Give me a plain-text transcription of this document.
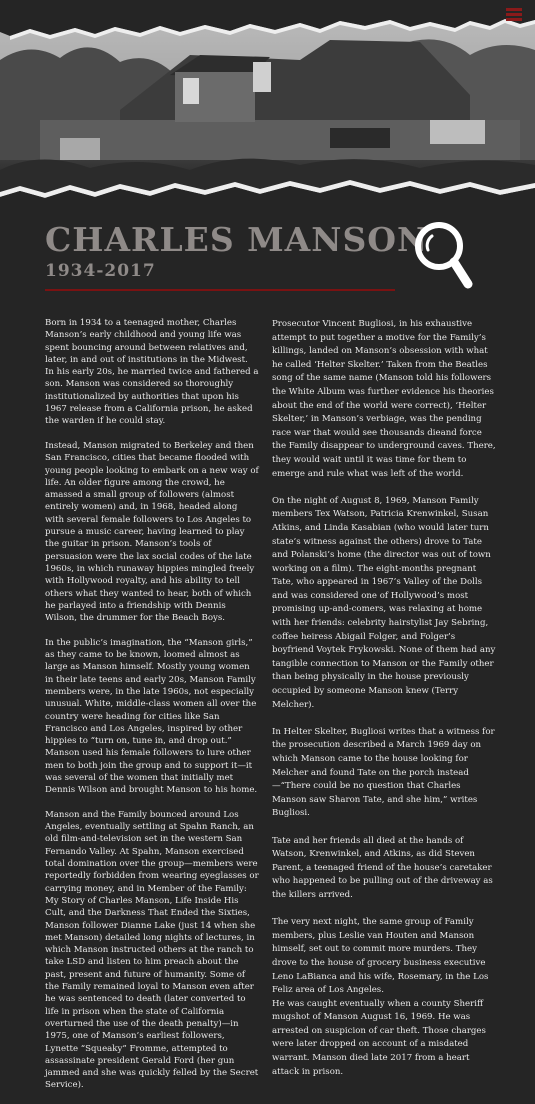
CHARLES MANSON
1934-2017

Born in 1934 to a teenaged mother, Charles Manson’s early childhood and young life was spent bouncing around between relatives and, later, in and out of institutions in the Midwest. In his early 20s, he married twice and fathered a son. Manson was considered so thoroughly institutionalized by authorities that upon his 1967 release from a California prison, he asked the warden if he could stay.

Instead, Manson migrated to Berkeley and then San Francisco, cities that became flooded with young people looking to embark on a new way of life. An older figure among the crowd, he amassed a small group of followers (almost entirely women) and, in 1968, headed along with several female followers to Los Angeles to pursue a music career, having learned to play the guitar in prison. Manson’s tools of persuasion were the lax social codes of the late 1960s, in which runaway hippies mingled freely with Hollywood royalty, and his ability to tell others what they wanted to hear, both of which he parlayed into a friendship with Dennis Wilson, the drummer for the Beach Boys.

In the public’s imagination, the “Manson girls,” as they came to be known, loomed almost as large as Manson himself. Mostly young women in their late teens and early 20s, Manson Family members were, in the late 1960s, not especially unusual. White, middle-class women all over the country were heading for cities like San Francisco and Los Angeles, inspired by other hippies to “turn on, tune in, and drop out.” Manson used his female followers to lure other men to both join the group and to support it—it was several of the women that initially met Dennis Wilson and brought Manson to his home.

Manson and the Family bounced around Los Angeles, eventually settling at Spahn Ranch, an old film-and-television set in the western San Fernando Valley. At Spahn, Manson exercised total domination over the group—members were reportedly forbidden from wearing eyeglasses or carrying money, and in Member of the Family: My Story of Charles Manson, Life Inside His Cult, and the Darkness That Ended the Sixties, Manson follower Dianne Lake (just 14 when she met Manson) detailed long nights of lectures, in which Manson instructed others at the ranch to take LSD and listen to him preach about the past, present and future of humanity. Some of the Family remained loyal to Manson even after he was sentenced to death (later converted to life in prison when the state of California overturned the use of the death penalty)—in 1975, one of Manson’s earliest followers, Lynette “Squeaky” Fromme, attempted to assassinate president Gerald Ford (her gun jammed and she was quickly felled by the Secret Service).

Prosecutor Vincent Bugliosi, in his exhaustive attempt to put together a motive for the Family’s killings, landed on Manson’s obsession with what he called ‘Helter Skelter.’ Taken from the Beatles song of the same name (Manson told his followers the White Album was further evidence his theories about the end of the world were correct), ‘Helter Skelter,’ in Manson’s verbiage, was the pending race war that would see thousands dieand force the Family disappear to underground caves. There, they would wait until it was time for them to emerge and rule what was left of the world.

On the night of August 8, 1969, Manson Family members Tex Watson, Patricia Krenwinkel, Susan Atkins, and Linda Kasabian (who would later turn state’s witness against the others) drove to Tate and Polanski’s home (the director was out of town working on a film). The eight-months pregnant Tate, who appeared in 1967’s Valley of the Dolls and was considered one of Hollywood’s most promising up-and-comers, was relaxing at home with her friends: celebrity hairstylist Jay Sebring, coffee heiress Abigail Folger, and Folger’s boyfriend Voytek Frykowski. None of them had any tangible connection to Manson or the Family other than being physically in the house previously occupied by someone Manson knew (Terry Melcher).

In Helter Skelter, Bugliosi writes that a witness for the prosecution described a March 1969 day on which Manson came to the house looking for Melcher and found Tate on the porch instead—“There could be no question that Charles Manson saw Sharon Tate, and she him,” writes Bugliosi.

Tate and her friends all died at the hands of Watson, Krenwinkel, and Atkins, as did Steven Parent, a teenaged friend of the house’s caretaker who happened to be pulling out of the driveway as the killers arrived.

The very next night, the same group of Family members, plus Leslie van Houten and Manson himself, set out to commit more murders. They drove to the house of grocery business executive Leno LaBianca and his wife, Rosemary, in the Los Feliz area of Los Angeles.

He was caught eventually when a county Sheriff mugshot of Manson August 16, 1969. He was arrested on suspicion of car theft. Those charges were later dropped on account of a misdated warrant. Manson died late 2017 from a heart attack in prison.
